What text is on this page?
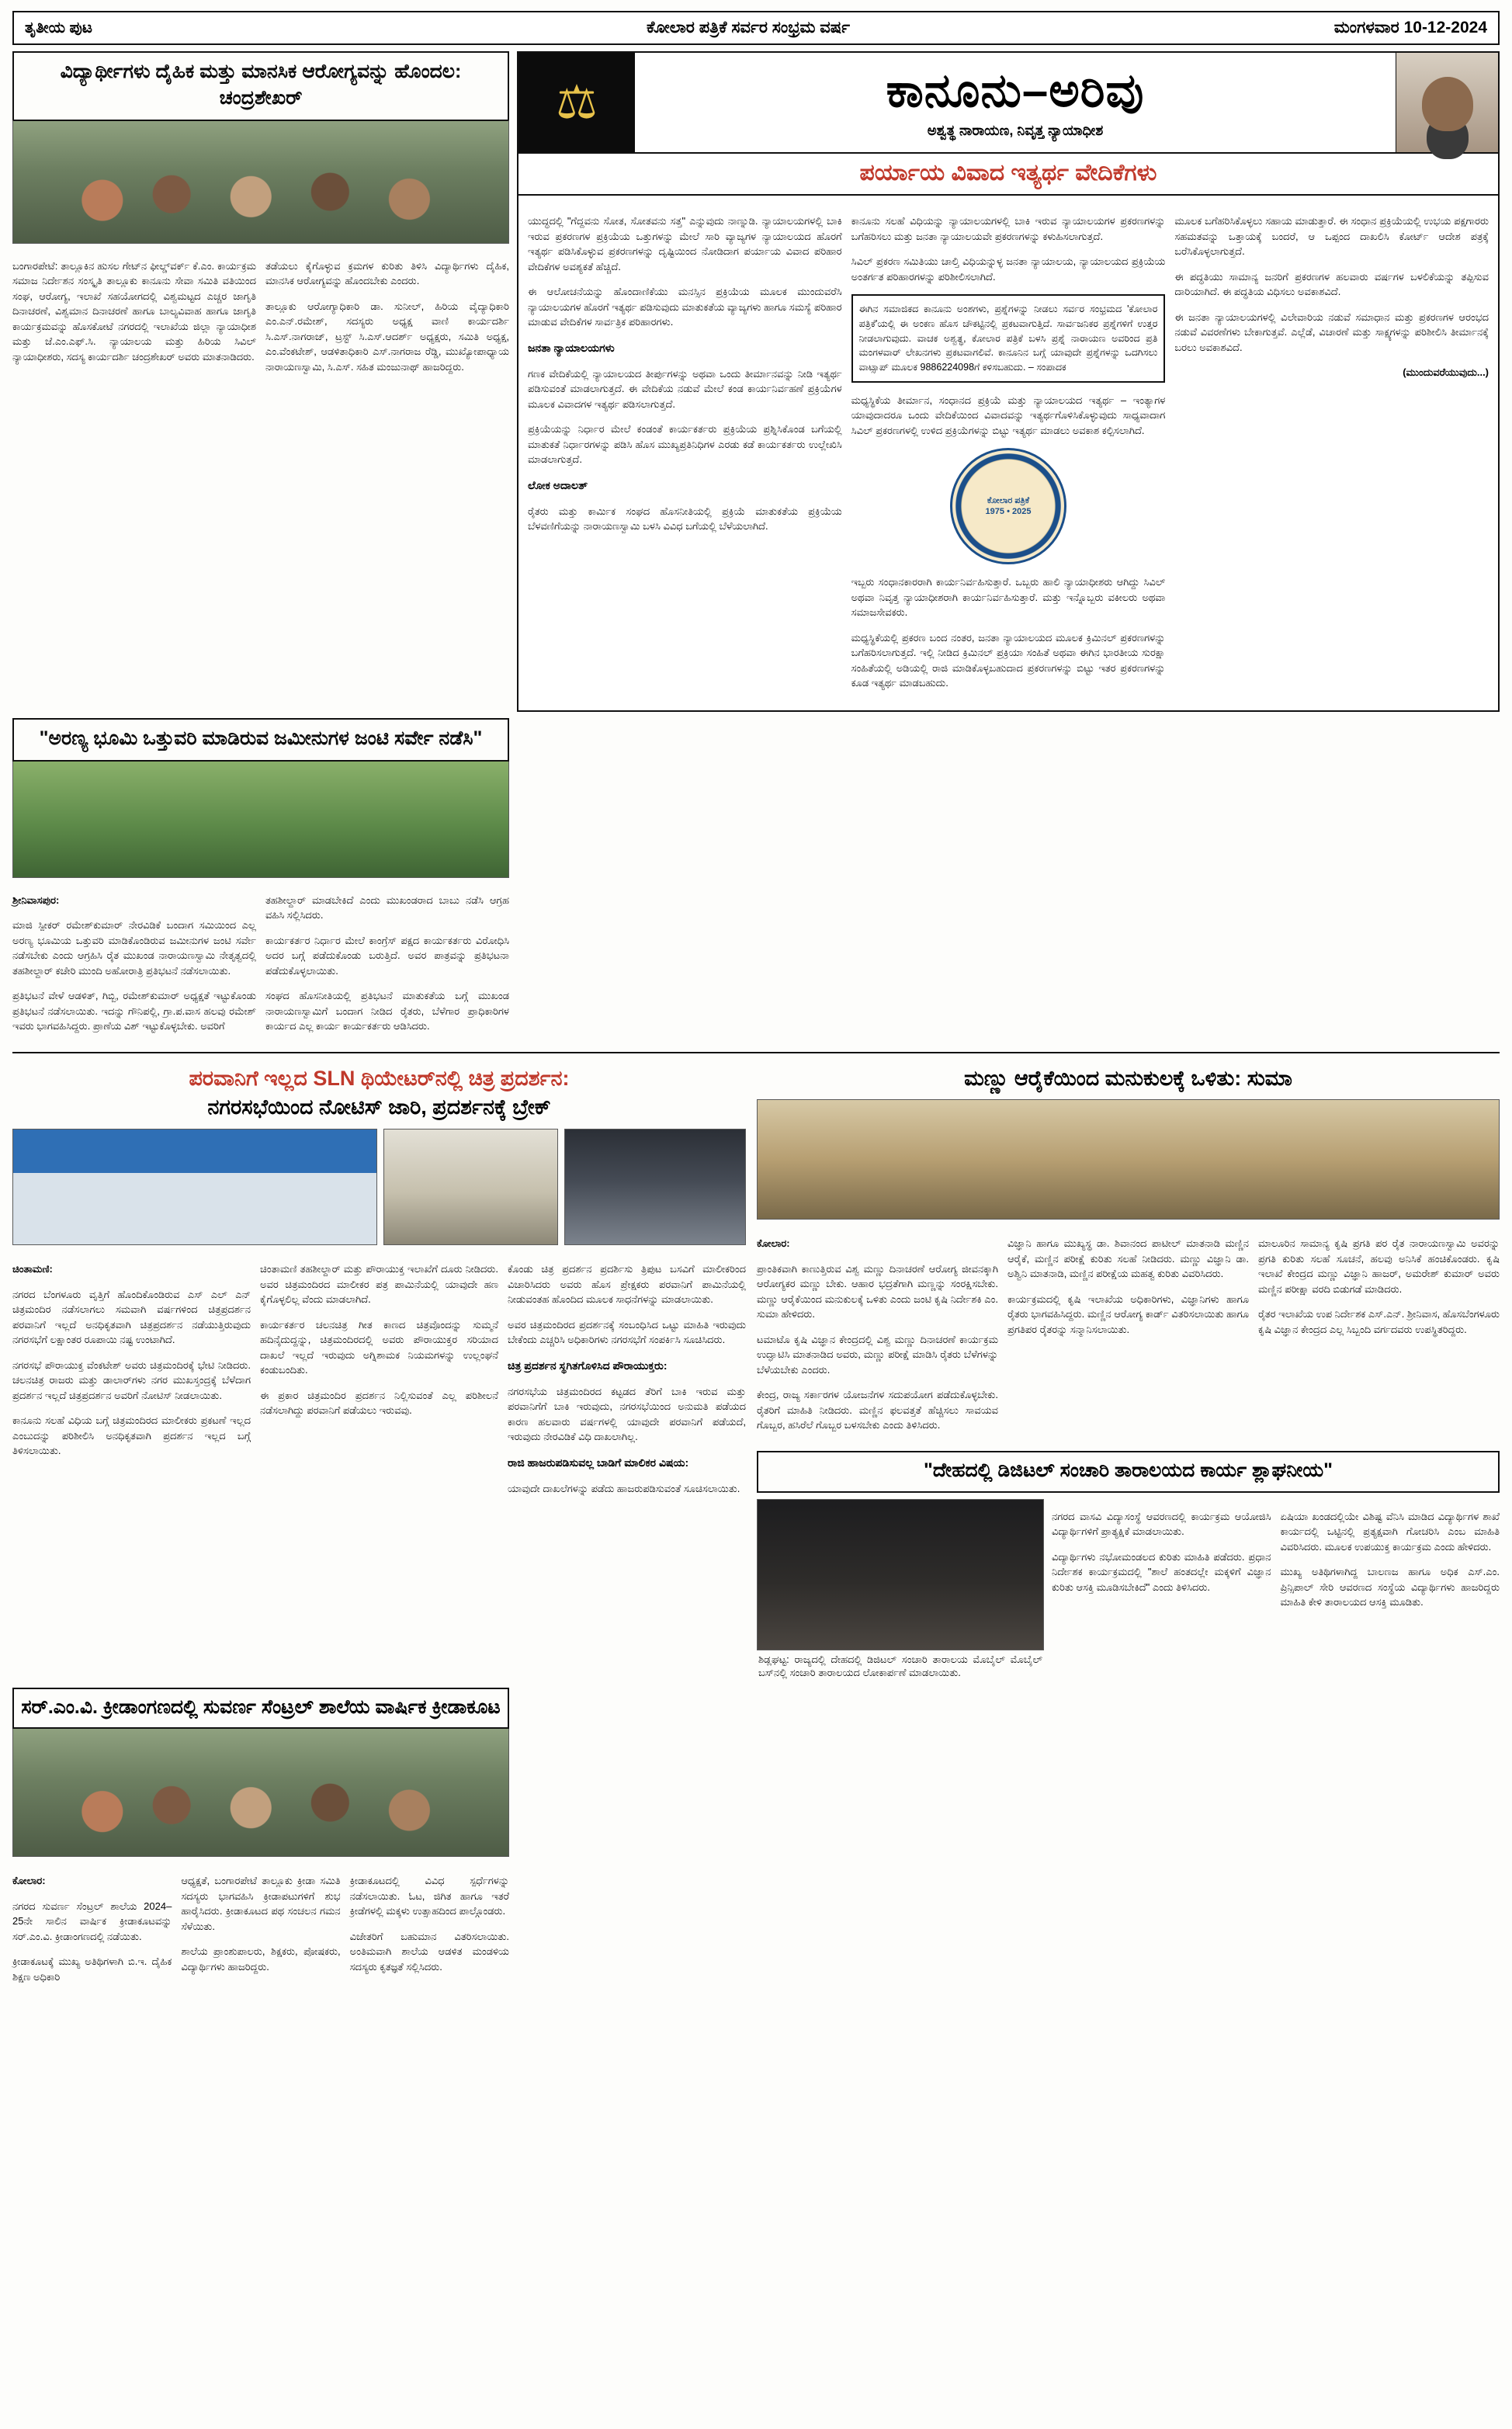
ತೃತೀಯ ಪುಟ	ಕೋಲಾರ ಪತ್ರಿಕೆ ಸರ್ವರ ಸಂಭ್ರಮ ವರ್ಷ	ಮಂಗಳವಾರ 10-12-2024
ವಿದ್ಯಾರ್ಥೀಗಳು ದೈಹಿಕ ಮತ್ತು ಮಾನಸಿಕ ಆರೋಗ್ಯವನ್ನು ಹೊಂದಲ: ಚಂದ್ರಶೇಖರ್

ಬಂಗಾರಪೇಟೆ: ತಾಲ್ಲೂಕಿನ ಹುಸಲ ಗೇಟ್‌ನ ಫೀಲ್ಡ್‌ವರ್ಕ್ ಕೆ.ಎಂ. ಕಾರ್ಯಕ್ರಮ ಸಮಾಜ ನಿರ್ದೇಶನ ಸಂಸ್ಕೃತಿ ತಾಲ್ಲೂಕು ಕಾನೂನು ಸೇವಾ ಸಮಿತಿ ವತಿಯಿಂದ ಸಂಘ, ಆರೋಗ್ಯ, ಇಲಾಖೆ ಸಹಯೋಗದಲ್ಲಿ ವಿಶ್ವಮಟ್ಟದ ಎಚ್ಚರ ಜಾಗೃತಿ ದಿನಾಚರಣೆ, ವಿಶ್ವಮಾನ ದಿನಾಚರಣೆ ಹಾಗೂ ಬಾಲ್ಯವಿವಾಹ ಹಾಗೂ ಜಾಗೃತಿ ಕಾರ್ಯಕ್ರಮವನ್ನು ಹೊಸಕೋಟೆ ನಗರದಲ್ಲಿ ಇಲಾಖೆಯ ಜಿಲ್ಲಾ ನ್ಯಾಯಾಧೀಶ ಮತ್ತು ಜೆ.ಎಂ.ಎಫ್.ಸಿ. ನ್ಯಾಯಾಲಯ ಮತ್ತು ಹಿರಿಯ ಸಿವಿಲ್ ನ್ಯಾಯಾಧೀಶರು, ಸದಸ್ಯ ಕಾರ್ಯದರ್ಶಿ ಚಂದ್ರಶೇಖರ್ ಅವರು ಮಾತನಾಡಿದರು.

ತಡೆಯಲು ಕೈಗೊಳ್ಳುವ ಕ್ರಮಗಳ ಕುರಿತು ತಿಳಿಸಿ ವಿದ್ಯಾರ್ಥಿಗಳು ದೈಹಿಕ, ಮಾನಸಿಕ ಆರೋಗ್ಯವನ್ನು ಹೊಂದಬೇಕು ಎಂದರು.

ತಾಲ್ಲೂಕು ಆರೋಗ್ಯಾಧಿಕಾರಿ ಡಾ. ಸುನೀಲ್, ಹಿರಿಯ ವೈದ್ಯಾಧಿಕಾರಿ ಎಂ.ಎನ್.ರಮೇಶ್, ಸದಸ್ಯರು ಅಧ್ಯಕ್ಷ ವಾಣಿ ಕಾರ್ಯದರ್ಶಿ ಸಿ.ಎಸ್.ನಾಗರಾಜ್, ಟ್ರಸ್ಟ್ ಸಿ.ಎಸ್.ಆದರ್ಶ್ ಅಧ್ಯಕ್ಷರು, ಸಮಿತಿ ಅಧ್ಯಕ್ಷ, ಎಂ.ವೆಂಕಟೇಶ್, ಆಡಳಿತಾಧಿಕಾರಿ ಎಸ್.ನಾಗರಾಜ ರೆಡ್ಡಿ, ಮುಖ್ಯೋಪಾಧ್ಯಾಯ ನಾರಾಯಣಸ್ವಾಮಿ, ಸಿ.ಎಸ್. ಸಹಿತ ಮಂಜುನಾಥ್ ಹಾಜರಿದ್ದರು.

⚖	ಕಾನೂನು–ಅರಿವು
ಅಶ್ವತ್ಥ ನಾರಾಯಣ, ನಿವೃತ್ತ ನ್ಯಾಯಾಧೀಶ
ಪರ್ಯಾಯ ವಿವಾದ ಇತ್ಯರ್ಥ ವೇದಿಕೆಗಳು

ಯುದ್ಧದಲ್ಲಿ "ಗೆದ್ದವನು ಸೋತ, ಸೋತವನು ಸತ್ತ" ಎನ್ನುವುದು ನಾಣ್ನುಡಿ. ನ್ಯಾಯಾಲಯಗಳಲ್ಲಿ ಬಾಕಿ ಇರುವ ಪ್ರಕರಣಗಳ ಪ್ರಕ್ರಿಯೆಯ ಒತ್ತುಗಳನ್ನು ಮೇಲೆ ಸಾರಿ ವ್ಯಾಜ್ಯಗಳ ನ್ಯಾಯಾಲಯದ ಹೊರಗೆ ಇತ್ಯರ್ಥ ಪಡಿಸಿಕೊಳ್ಳುವ ಪ್ರಕರಣಗಳನ್ನು ದೃಷ್ಟಿಯಿಂದ ನೋಡಿದಾಗ ಪರ್ಯಾಯ ವಿವಾದ ಪರಿಹಾರ ವೇದಿಕೆಗಳ ಅವಶ್ಯಕತೆ ಹೆಚ್ಚಿದೆ.

ಈ ಆಲೋಚನೆಯನ್ನು ಹೊಂದಾಣಿಕೆಯು ಮನಸ್ಸಿನ ಪ್ರಕ್ರಿಯೆಯ ಮೂಲಕ ಮುಂದುವರೆಸಿ ನ್ಯಾಯಾಲಯಗಳ ಹೊರಗೆ ಇತ್ಯರ್ಥ ಪಡಿಸುವುದು ಮಾತುಕತೆಯ ವ್ಯಾಜ್ಯಗಳು ಹಾಗೂ ಸಮಸ್ಯೆ ಪರಿಹಾರ ಮಾಡುವ ವೇದಿಕೆಗಳ ಸಾರ್ವತ್ರಿಕ ಪರಿಹಾರಗಳು.

ಜನತಾ ನ್ಯಾಯಾಲಯಗಳು

ಗಣಕ ವೇದಿಕೆಯಲ್ಲಿ ನ್ಯಾಯಾಲಯದ ತೀರ್ಪುಗಳನ್ನು ಅಥವಾ ಒಂದು ತೀರ್ಮಾನವನ್ನು ನೀಡಿ ಇತ್ಯರ್ಥ ಪಡಿಸುವಂತೆ ಮಾಡಲಾಗುತ್ತದೆ. ಈ ವೇದಿಕೆಯ ನಡುವೆ ಮೇಲೆ ಕಂಡ ಕಾರ್ಯನಿರ್ವಹಣೆ ಪ್ರಕ್ರಿಯೆಗಳ ಮೂಲಕ ವಿವಾದಗಳ ಇತ್ಯರ್ಥ ಪಡಿಸಲಾಗುತ್ತದೆ.

ಪ್ರಕ್ರಿಯೆಯನ್ನು ನಿರ್ಧಾರ ಮೇಲೆ ಕಂಡಂತೆ ಕಾರ್ಯಕರ್ತರು ಪ್ರಕ್ರಿಯೆಯ ಪ್ರಶ್ನಿಸಿಕೊಂಡ ಬಗೆಯಲ್ಲಿ ಮಾತುಕತೆ ನಿರ್ಧಾರಗಳನ್ನು ಪಡಿಸಿ ಹೊಸ ಮುಖ್ಯಪ್ರತಿನಿಧಿಗಳ ಎರಡು ಕಡೆ ಕಾರ್ಯಕರ್ತರು ಉಲ್ಲೇಖಿಸಿ ಮಾಡಲಾಗುತ್ತದೆ.

ಲೋಕ ಅದಾಲತ್

ರೈತರು ಮತ್ತು ಕಾರ್ಮಿಕ ಸಂಘದ ಹೊಸನೀತಿಯಲ್ಲಿ ಪ್ರಕ್ರಿಯೆ ಮಾತುಕತೆಯ ಪ್ರಕ್ರಿಯೆಯ ಬೆಳವಣಿಗೆಯನ್ನು ನಾರಾಯಣಸ್ವಾಮಿ ಬಳಸಿ ವಿವಿಧ ಬಗೆಯಲ್ಲಿ ಬೆಳೆಯಲಾಗಿದೆ.

ಕಾನೂನು ಸಲಹೆ ವಿಧಿಯನ್ನು ನ್ಯಾಯಾಲಯಗಳಲ್ಲಿ ಬಾಕಿ ಇರುವ ನ್ಯಾಯಾಲಯಗಳ ಪ್ರಕರಣಗಳನ್ನು ಬಗೆಹರಿಸಲು ಮತ್ತು ಜನತಾ ನ್ಯಾಯಾಲಯವೇ ಪ್ರಕರಣಗಳನ್ನು ಕಳುಹಿಸಲಾಗುತ್ತದೆ.

ಸಿವಿಲ್ ಪ್ರಕರಣ ಸಮಿತಿಯು ಚಾಲ್ತಿ ವಿಧಿಯನ್ನುಳ್ಳ ಜನತಾ ನ್ಯಾಯಾಲಯ, ನ್ಯಾಯಾಲಯದ ಪ್ರಕ್ರಿಯೆಯ ಅಂತರ್ಗತ ಪರಿಹಾರಗಳನ್ನು ಪರಿಶೀಲಿಸಲಾಗಿದೆ.

ಈಗಿನ ಸಮಾಜಿಕದ ಕಾನೂನು ಅಂಶಗಳು, ಪ್ರಶ್ನೆಗಳನ್ನು ನೀಡಲು ಸರ್ವರ ಸಂಭ್ರಮದ 'ಕೋಲಾರ ಪತ್ರಿಕೆ'ಯಲ್ಲಿ ಈ ಅಂಕಣ ಹೊಸ ಚೌಕಟ್ಟಿನಲ್ಲಿ ಪ್ರಕಟವಾಗುತ್ತಿದೆ. ಸಾರ್ವಜನಿಕರ ಪ್ರಶ್ನೆಗಳಿಗೆ ಉತ್ತರ ನೀಡಲಾಗುವುದು. ವಾಚಕ ಅಶ್ವತ್ಥ, ಕೋಲಾರ ಪತ್ರಿಕೆ ಬಳಸಿ ಪ್ರಶ್ನೆ ನಾರಾಯಣ ಅವರಿಂದ ಪ್ರತಿ ಮಂಗಳವಾರ್ ಲೇಖನಗಳು ಪ್ರಕಟವಾಗಲಿವೆ. ಕಾನೂನಿನ ಬಗ್ಗೆ ಯಾವುದೇ ಪ್ರಶ್ನೆಗಳನ್ನು ಒದಗಿಸಲು ವಾಟ್ಸಾಪ್ ಮೂಲಕ 9886224098ಗೆ ಕಳಿಸಬಹುದು. – ಸಂಪಾದಕ

ಮಧ್ಯಸ್ಥಿಕೆಯ ತೀರ್ಮಾನ, ಸಂಧಾನದ ಪ್ರಕ್ರಿಯೆ ಮತ್ತು ನ್ಯಾಯಾಲಯದ ಇತ್ಯರ್ಥ – ಇಂತ್ಯಾಗಳ ಯಾವುದಾದರೂ ಒಂದು ವೇದಿಕೆಯಿಂದ ವಿವಾದವನ್ನು ಇತ್ಯರ್ಥಗೊಳಿಸಿಕೊಳ್ಳುವುದು ಸಾಧ್ಯವಾದಾಗ ಸಿವಿಲ್ ಪ್ರಕರಣಗಳಲ್ಲಿ ಉಳಿದ ಪ್ರಕ್ರಿಯೆಗಳನ್ನು ಬಿಟ್ಟು ಇತ್ಯರ್ಥ ಮಾಡಲು ಅವಕಾಶ ಕಲ್ಪಿಸಲಾಗಿದೆ.

ಕೋಲಾರ ಪತ್ರಿಕೆ
1975 • 2025

ಇಬ್ಬರು ಸಂಧಾನಕಾರರಾಗಿ ಕಾರ್ಯನಿರ್ವಹಿಸುತ್ತಾರೆ. ಒಬ್ಬರು ಹಾಲಿ ನ್ಯಾಯಾಧೀಶರು ಆಗಿದ್ದು ಸಿವಿಲ್ ಅಥವಾ ನಿವೃತ್ತ ನ್ಯಾಯಾಧೀಶರಾಗಿ ಕಾರ್ಯನಿರ್ವಹಿಸುತ್ತಾರೆ. ಮತ್ತು ಇನ್ನೊಬ್ಬರು ವಕೀಲರು ಅಥವಾ ಸಮಾಜಸೇವಕರು.

ಮಧ್ಯಸ್ಥಿಕೆಯಲ್ಲಿ ಪ್ರಕರಣ ಬಂದ ನಂತರ, ಜನತಾ ನ್ಯಾಯಾಲಯದ ಮೂಲಕ ಕ್ರಿಮಿನಲ್ ಪ್ರಕರಣಗಳನ್ನು ಬಗೆಹರಿಸಲಾಗುತ್ತದೆ. ಇಲ್ಲಿ ನೀಡಿದ ಕ್ರಿಮಿನಲ್ ಪ್ರಕ್ರಿಯಾ ಸಂಹಿತೆ ಅಥವಾ ಈಗಿನ ಭಾರತೀಯ ಸುರಕ್ಷಾ ಸಂಹಿತೆಯಲ್ಲಿ ಅಡಿಯಲ್ಲಿ ರಾಜಿ ಮಾಡಿಕೊಳ್ಳಬಹುದಾದ ಪ್ರಕರಣಗಳನ್ನು ಬಿಟ್ಟು ಇತರ ಪ್ರಕರಣಗಳನ್ನು ಕೂಡ ಇತ್ಯರ್ಥ ಮಾಡಬಹುದು.

ಮೂಲಕ ಬಗೆಹರಿಸಿಕೊಳ್ಳಲು ಸಹಾಯ ಮಾಡುತ್ತಾರೆ. ಈ ಸಂಧಾನ ಪ್ರಕ್ರಿಯೆಯಲ್ಲಿ ಉಭಯ ಪಕ್ಷಗಾರರು ಸಹಮತವನ್ನು ಒತ್ತಾಯಕ್ಕೆ ಬಂದರೆ, ಆ ಒಪ್ಪಂದ ದಾಖಲಿಸಿ ಕೋರ್ಟ್ ಆದೇಶ ಪತ್ರಕ್ಕೆ ಬರೆಸಿಕೊಳ್ಳಲಾಗುತ್ತದೆ.

ಈ ಪದ್ಧತಿಯು ಸಾಮಾನ್ಯ ಜನರಿಗೆ ಪ್ರಕರಣಗಳ ಹಲವಾರು ವರ್ಷಗಳ ಬಳಲಿಕೆಯನ್ನು ತಪ್ಪಿಸುವ ದಾರಿಯಾಗಿದೆ. ಈ ಪದ್ಧತಿಯ ವಿಧಿಸಲು ಅವಕಾಶವಿದೆ.

ಈ ಜನತಾ ನ್ಯಾಯಾಲಯಗಳಲ್ಲಿ ವಿಲೇವಾರಿಯ ನಡುವೆ ಸಮಾಧಾನ ಮತ್ತು ಪ್ರಕರಣಗಳ ಆರಂಭದ ನಡುವೆ ವಿವರಣೆಗಳು ಬೇಕಾಗುತ್ತವೆ. ಎಲ್ಲೆಡೆ, ವಿಚಾರಣೆ ಮತ್ತು ಸಾಕ್ಷ್ಯಗಳನ್ನು ಪರಿಶೀಲಿಸಿ ತೀರ್ಮಾನಕ್ಕೆ ಬರಲು ಅವಕಾಶವಿದೆ.

(ಮುಂದುವರೆಯುವುದು...)
"ಅರಣ್ಯ ಭೂಮಿ ಒತ್ತುವರಿ ಮಾಡಿರುವ ಜಮೀನುಗಳ ಜಂಟಿ ಸರ್ವೇ ನಡೆಸಿ"

ಶ್ರೀನಿವಾಸಪುರ:

ಮಾಜಿ ಸ್ಪೀಕರ್ ರಮೇಶ್‌ಕುಮಾರ್ ನೇರವಿಡಿಕೆ ಬಂದಾಗ ಸಮಿಯಿಂದ ಎಲ್ಲ ಅರಣ್ಯ ಭೂಮಿಯ ಒತ್ತುವರಿ ಮಾಡಿಕೊಂಡಿರುವ ಜಮೀನುಗಳ ಜಂಟಿ ಸರ್ವೇ ನಡೆಸಬೇಕು ಎಂದು ಆಗ್ರಹಿಸಿ ರೈತ ಮುಖಂಡ ನಾರಾಯಣಸ್ವಾಮಿ ನೇತೃತ್ವದಲ್ಲಿ ತಹಶೀಲ್ದಾರ್ ಕಚೇರಿ ಮುಂದಿ ಅಹೋರಾತ್ರಿ ಪ್ರತಿಭಟನೆ ನಡೆಸಲಾಯಿತು.

ಪ್ರತಿಭಟನೆ ವೇಳೆ ಆಡಳಿತ್, ಗಿಬ್ಬಿ, ರಮೇಶ್‌ಕುಮಾರ್ ಅಧ್ಯಕ್ಷತೆ ಇಟ್ಟುಕೊಂಡು ಪ್ರತಿಭಟನೆ ನಡೆಸಲಾಯಿತು. ಇದನ್ನು ಗೌನಿಪಲ್ಲಿ, ಗ್ರಾ.ಪ.ವಾಸ ಹಲವು ರಮೇಶ್ ಇವರು ಭಾಗವಹಿಸಿದ್ದರು. ಪ್ರಾಣೆಯ ವಿಶ್ ಇಟ್ಟುಕೊಳ್ಳಬೇಕು. ಅವರಿಗೆ

ತಹಶೀಲ್ದಾರ್ ಮಾಡಬೇಕಿದೆ ಎಂದು ಮುಖಂಡರಾದ ಬಾಬು ನಡೆಸಿ ಆಗ್ರಹ ವಹಿಸಿ ಸಲ್ಲಿಸಿದರು.

ಕಾರ್ಯಕರ್ತರ ನಿರ್ಧಾರ ಮೇಲೆ ಕಾಂಗ್ರೆಸ್ ಪಕ್ಷದ ಕಾರ್ಯಕರ್ತರು ವಿರೋಧಿಸಿ ಅದರ ಬಗ್ಗೆ ಪಡೆದುಕೊಂಡು ಬರುತ್ತಿದೆ. ಅವರ ಪಾತ್ರವನ್ನು ಪ್ರತಿಭಟನಾ ಪಡೆದುಕೊಳ್ಳಲಾಯಿತು.

ಸಂಘದ ಹೊಸನೀತಿಯಲ್ಲಿ ಪ್ರತಿಭಟನೆ ಮಾತುಕತೆಯ ಬಗ್ಗೆ ಮುಖಂಡ ನಾರಾಯಣಸ್ವಾಮಿಗೆ ಬಂದಾಗ ನೀಡಿದ ರೈತರು, ಬೆಳೆಗಾರ ಪ್ರಾಧಿಕಾರಿಗಳ ಕಾರ್ಯದ ಎಲ್ಲ ಕಾರ್ಯ ಕಾರ್ಯಕರ್ತರು ಆಡಿಸಿದರು.

ಪರವಾನಿಗೆ ಇಲ್ಲದ SLN ಥಿಯೇಟರ್‌ನಲ್ಲಿ ಚಿತ್ರ ಪ್ರದರ್ಶನ:
ನಗರಸಭೆಯಿಂದ ನೋಟಿಸ್ ಜಾರಿ, ಪ್ರದರ್ಶನಕ್ಕೆ ಬ್ರೇಕ್

ಚಿಂತಾಮಣಿ:

ನಗರದ ಬೆಂಗಳೂರು ವೃತ್ತಿಗೆ ಹೊಂದಿಕೊಂಡಿರುವ ಎಸ್ ಎಲ್ ಎನ್ ಚಿತ್ರಮಂದಿರ ನಡೆಸಲಾಗಲು ಸಮವಾಗಿ ವರ್ಷಗಳಿಂದ ಚಿತ್ರಪ್ರದರ್ಶನ ಪರವಾನಿಗೆ ಇಲ್ಲದೆ ಅನಧಿಕೃತವಾಗಿ ಚಿತ್ರಪ್ರದರ್ಶನ ನಡೆಯುತ್ತಿರುವುದು ನಗರಸಭೆಗೆ ಲಕ್ಷಾಂತರ ರೂಪಾಯಿ ನಷ್ಟ ಉಂಟಾಗಿದೆ.

ನಗರಸಭೆ ಪೌರಾಯುಕ್ತ ವೆಂಕಟೇಶ್ ಅವರು ಚಿತ್ರಮಂದಿರಕ್ಕೆ ಭೇಟಿ ನೀಡಿದರು. ಚಲನಚಿತ್ರ ರಾಜರು ಮತ್ತು ಡಾಲಾರ್‌ಗಳು ನಗರ ಮುಖಸ್ತಂದ್ರಕ್ಕೆ ಬೆಳೆದಾಗ ಪ್ರದರ್ಶನ ಇಲ್ಲದೆ ಚಿತ್ರಪ್ರದರ್ಶನ ಅವರಿಗೆ ನೋಟಿಸ್ ನೀಡಲಾಯಿತು.

ಕಾನೂನು ಸಲಹೆ ವಿಧಿಯ ಬಗ್ಗೆ ಚಿತ್ರಮಂದಿರದ ಮಾಲೀಕರು ಪ್ರಕಟಣೆ ಇಲ್ಲದ ಎಂಬುದನ್ನು ಪರಿಶೀಲಿಸಿ ಅನಧಿಕೃತವಾಗಿ ಪ್ರದರ್ಶನ ಇಲ್ಲದ ಬಗ್ಗೆ ತಿಳಿಸಲಾಯಿತು.

ಚಿಂತಾಮಣಿ ತಹಶೀಲ್ದಾರ್ ಮತ್ತು ಪೌರಾಯುಕ್ತ ಇಲಾಖೆಗೆ ದೂರು ನೀಡಿದರು. ಅವರ ಚಿತ್ರಮಂದಿರದ ಮಾಲೀಕರ ಪತ್ರ ಪಾಮಿನೆಯಲ್ಲಿ ಯಾವುದೇ ಹಣ ಕೈಗೊಳ್ಳಲಿಲ್ಲ ವೆಂದು ಮಾಡಲಾಗಿದೆ.

ಕಾರ್ಯಕರ್ತರ ಚಲನಚಿತ್ರ ಗೀತ ಕಾಣದ ಚಿತ್ರವೊಂದನ್ನು ಸುಮ್ಮನೆ ಹದಿನೈದುದ್ದನ್ನು, ಚಿತ್ರಮಂದಿರದಲ್ಲಿ ಅವರು ಪೌರಾಯುಕ್ತರ ಸರಿಯಾದ ದಾಖಲೆ ಇಲ್ಲದೆ ಇರುವುದು ಅಗ್ನಿಶಾಮಕ ನಿಯಮಗಳನ್ನು ಉಲ್ಲಂಘನೆ ಕಂಡುಬಂದಿತು.

ಈ ಪ್ರಕಾರ ಚಿತ್ರಮಂದಿರ ಪ್ರದರ್ಶನ ನಿಲ್ಲಿಸುವಂತೆ ಎಲ್ಲ ಪರಿಶೀಲನೆ ನಡೆಸಲಾಗಿದ್ದು ಪರವಾನಿಗೆ ಪಡೆಯಲು ಇರುವವು.

ಕೊಂಡು ಚಿತ್ರ ಪ್ರದರ್ಶನ ಪ್ರದರ್ಶಿಸು ತ್ರಿಪುಟ ಬಸವಿಗೆ ಮಾಲೀಕರಿಂದ ವಿಚಾರಿಸಿದರು ಅವರು ಹೊಸ ಪ್ರೇಕ್ಷಕರು ಪರವಾನಿಗೆ ಪಾಮಿನೆಯಲ್ಲಿ ನೀಡುವಂತಹ ಹೊಂದಿದ ಮೂಲಕ ಸಾಧನೆಗಳನ್ನು ಮಾಡಲಾಯಿತು.

ಅವರ ಚಿತ್ರಮಂದಿರದ ಪ್ರದರ್ಶನಕ್ಕೆ ಸಂಬಂಧಿಸಿದ ಒಟ್ಟು ಮಾಹಿತಿ ಇರುವುದು ಬೇಕೆಂದು ಎಚ್ಚರಿಸಿ ಅಧಿಕಾರಿಗಳು ನಗರಸಭೆಗೆ ಸಂಪರ್ಕಿಸಿ ಸೂಚಿಸಿದರು.

ಚಿತ್ರ ಪ್ರದರ್ಶನ ಸ್ಥಗಿತಗೊಳಿಸಿದ ಪೌರಾಯುಕ್ತರು:

ನಗರಸಭೆಯ ಚಿತ್ರಮಂದಿರದ ಕಟ್ಟಡದ ತೆರಿಗೆ ಬಾಕಿ ಇರುವ ಮತ್ತು ಪರವಾನಿಗೆಗೆ ಬಾಕಿ ಇರುವುದು, ನಗರಸಭೆಯಿಂದ ಅನುಮತಿ ಪಡೆಯದ ಕಾರಣ ಹಲವಾರು ವರ್ಷಗಳಲ್ಲಿ ಯಾವುದೇ ಪರವಾನಿಗೆ ಪಡೆಯದೆ, ಇರುವುದು ನೇರವಿಡಿಕೆ ವಿಧಿ ದಾಖಲಾಗಿಲ್ಲ.

ರಾಜಿ ಹಾಜರುಪಡಿಸುವಲ್ಲ ಬಾಡಿಗೆ ಮಾಲಿಕರ ವಿಷಯ:

ಯಾವುದೇ ದಾಖಲೆಗಳನ್ನು ಪಡೆದು ಹಾಜರುಪಡಿಸುವಂತೆ ಸೂಚಿಸಲಾಯಿತು.

ಮಣ್ಣು ಆರೈಕೆಯಿಂದ ಮನುಕುಲಕ್ಕೆ ಒಳಿತು: ಸುಮಾ

ಕೋಲಾರ:

ಪ್ರಾಂತಿಕವಾಗಿ ಕಾಣುತ್ತಿರುವ ವಿಶ್ವ ಮಣ್ಣು ದಿನಾಚರಣೆ ಆರೋಗ್ಯ ಜೀವನಕ್ಕಾಗಿ ಆರೋಗ್ಯಕರ ಮಣ್ಣು ಬೇಕು. ಆಹಾರ ಭದ್ರತೆಗಾಗಿ ಮಣ್ಣನ್ನು ಸಂರಕ್ಷಿಸಬೇಕು. ಮಣ್ಣು ಆರೈಕೆಯಿಂದ ಮನುಕುಲಕ್ಕೆ ಒಳಿತು ಎಂದು ಜಂಟಿ ಕೃಷಿ ನಿರ್ದೇಶಕಿ ಎಂ. ಸುಮಾ ಹೇಳಿದರು.

ಟಮಾಟೊ ಕೃಷಿ ವಿಜ್ಞಾನ ಕೇಂದ್ರದಲ್ಲಿ ವಿಶ್ವ ಮಣ್ಣು ದಿನಾಚರಣೆ ಕಾರ್ಯಕ್ರಮ ಉದ್ಘಾಟಿಸಿ ಮಾತನಾಡಿದ ಅವರು, ಮಣ್ಣು ಪರೀಕ್ಷೆ ಮಾಡಿಸಿ ರೈತರು ಬೆಳೆಗಳನ್ನು ಬೆಳೆಯಬೇಕು ಎಂದರು.

ಕೇಂದ್ರ, ರಾಜ್ಯ ಸರ್ಕಾರಗಳ ಯೋಜನೆಗಳ ಸದುಪಯೋಗ ಪಡೆದುಕೊಳ್ಳಬೇಕು. ರೈತರಿಗೆ ಮಾಹಿತಿ ನೀಡಿದರು. ಮಣ್ಣಿನ ಫಲವತ್ತತೆ ಹೆಚ್ಚಿಸಲು ಸಾವಯವ ಗೊಬ್ಬರ, ಹಸಿರೆಲೆ ಗೊಬ್ಬರ ಬಳಸಬೇಕು ಎಂದು ತಿಳಿಸಿದರು.

ವಿಜ್ಞಾನಿ ಹಾಗೂ ಮುಖ್ಯಸ್ಥ ಡಾ. ಶಿವಾನಂದ ಪಾಟೀಲ್ ಮಾತನಾಡಿ ಮಣ್ಣಿನ ಆರೈಕೆ, ಮಣ್ಣಿನ ಪರೀಕ್ಷೆ ಕುರಿತು ಸಲಹೆ ನೀಡಿದರು. ಮಣ್ಣು ವಿಜ್ಞಾನಿ ಡಾ. ಅಶ್ವಿನಿ ಮಾತನಾಡಿ, ಮಣ್ಣಿನ ಪರೀಕ್ಷೆಯ ಮಹತ್ವ ಕುರಿತು ವಿವರಿಸಿದರು.

ಕಾರ್ಯಕ್ರಮದಲ್ಲಿ ಕೃಷಿ ಇಲಾಖೆಯ ಅಧಿಕಾರಿಗಳು, ವಿಜ್ಞಾನಿಗಳು ಹಾಗೂ ರೈತರು ಭಾಗವಹಿಸಿದ್ದರು. ಮಣ್ಣಿನ ಆರೋಗ್ಯ ಕಾರ್ಡ್ ವಿತರಿಸಲಾಯಿತು ಹಾಗೂ ಪ್ರಗತಿಪರ ರೈತರನ್ನು ಸನ್ಮಾನಿಸಲಾಯಿತು.

ಮಾಲೂರಿನ ಸಾಮಾನ್ಯ ಕೃಷಿ ಪ್ರಗತಿ ಪರ ರೈತ ನಾರಾಯಣಸ್ವಾಮಿ ಅವರನ್ನು ಪ್ರಗತಿ ಕುರಿತು ಸಲಹೆ ಸೂಚನೆ, ಹಲವು ಅನಿಸಿಕೆ ಹಂಚಿಕೊಂಡರು. ಕೃಷಿ ಇಲಾಖೆ ಕೇಂದ್ರದ ಮಣ್ಣು ವಿಜ್ಞಾನಿ ಹಾಜರ್, ಅಮರೇಶ್ ಕುಮಾರ್ ಅವರು ಮಣ್ಣಿನ ಪರೀಕ್ಷಾ ವರದಿ ಬಿಡುಗಡೆ ಮಾಡಿದರು.

ರೈತರ ಇಲಾಖೆಯ ಉಪ ನಿರ್ದೇಶಕ ಎಸ್.ಎನ್. ಶ್ರೀನಿವಾಸ, ಹೊಸಬೆಂಗಳೂರು ಕೃಷಿ ವಿಜ್ಞಾನ ಕೇಂದ್ರದ ಎಲ್ಲ ಸಿಬ್ಬಂದಿ ವರ್ಗದವರು ಉಪಸ್ಥಿತರಿದ್ದರು.

"ದೇಹದಲ್ಲಿ ಡಿಜಿಟಲ್ ಸಂಚಾರಿ ತಾರಾಲಯದ ಕಾರ್ಯ ಶ್ಲಾಘನೀಯ"
ಶಿಡ್ಲಘಟ್ಟ: ರಾಜ್ಯದಲ್ಲಿ ದೇಹದಲ್ಲಿ ಡಿಜಿಟಲ್ ಸಂಚಾರಿ ತಾರಾಲಯ ಮೊಬೈಲ್ ಮೊಬೈಲ್ ಬಸ್‌ನಲ್ಲಿ ಸಂಚಾರಿ ತಾರಾಲಯದ ಲೋಕಾರ್ಪಣೆ ಮಾಡಲಾಯಿತು.

ನಗರದ ವಾಸವಿ ವಿದ್ಯಾಸಂಸ್ಥೆ ಆವರಣದಲ್ಲಿ ಕಾರ್ಯಕ್ರಮ ಆಯೋಜಿಸಿ ವಿದ್ಯಾರ್ಥಿಗಳಿಗೆ ಪ್ರಾತ್ಯಕ್ಷಿಕೆ ಮಾಡಲಾಯಿತು.

ವಿದ್ಯಾರ್ಥಿಗಳು ನಭೋಮಂಡಲದ ಕುರಿತು ಮಾಹಿತಿ ಪಡೆದರು. ಪ್ರಧಾನ ನಿರ್ದೇಶಕ ಕಾರ್ಯಕ್ರಮದಲ್ಲಿ "ಶಾಲೆ ಹಂತದಲ್ಲೇ ಮಕ್ಕಳಿಗೆ ವಿಜ್ಞಾನ ಕುರಿತು ಆಸಕ್ತಿ ಮೂಡಿಸಬೇಕಿದೆ" ಎಂದು ತಿಳಿಸಿದರು.

ಏಷಿಯಾ ಖಂಡದಲ್ಲಿಯೇ ವಿಶಿಷ್ಟ ವೆನಿಸಿ ಮಾಡಿದ ವಿದ್ಯಾರ್ಥಿಗಳ ಶಾಖೆ ಕಾರ್ಯದಲ್ಲಿ ಒಟ್ಟಿನಲ್ಲಿ ಪ್ರತ್ಯಕ್ಷವಾಗಿ ಗೋಚರಿಸಿ ಎಂಬ ಮಾಹಿತಿ ವಿವರಿಸಿದರು. ಮೂಲಕ ಉಪಯುಕ್ತ ಕಾರ್ಯಕ್ರಮ ಎಂದು ಹೇಳಿದರು.

ಮುಖ್ಯ ಅತಿಥಿಗಳಾಗಿದ್ದ ಬಾಲಣಜ ಹಾಗೂ ಅಧಿಕ ಎಸ್.ಎಂ. ಪ್ರಿನ್ಸಿಪಾಲ್ ಸೇರಿ ಆವರಣದ ಸಂಸ್ಥೆಯ ವಿದ್ಯಾರ್ಥಿಗಳು ಹಾಜರಿದ್ದರು ಮಾಹಿತಿ ಕೇಳಿ ತಾರಾಲಯದ ಆಸಕ್ತಿ ಮೂಡಿತು.

ಸರ್.ಎಂ.ವಿ. ಕ್ರೀಡಾಂಗಣದಲ್ಲಿ ಸುವರ್ಣ ಸೆಂಟ್ರಲ್ ಶಾಲೆಯ ವಾರ್ಷಿಕ ಕ್ರೀಡಾಕೂಟ

ಕೋಲಾರ:

ನಗರದ ಸುವರ್ಣ ಸೆಂಟ್ರಲ್ ಶಾಲೆಯ 2024–25ನೇ ಸಾಲಿನ ವಾರ್ಷಿಕ ಕ್ರೀಡಾಕೂಟವನ್ನು ಸರ್.ಎಂ.ವಿ. ಕ್ರೀಡಾಂಗಣದಲ್ಲಿ ನಡೆಯಿತು.

ಕ್ರೀಡಾಕೂಟಕ್ಕೆ ಮುಖ್ಯ ಅತಿಥಿಗಳಾಗಿ ಬಿ.ಇ. ದೈಹಿಕ ಶಿಕ್ಷಣ ಅಧಿಕಾರಿ

ಆಧ್ಯಕ್ಷತೆ, ಬಂಗಾರಪೇಟೆ ತಾಲ್ಲೂಕು ಕ್ರೀಡಾ ಸಮಿತಿ ಸದಸ್ಯರು ಭಾಗವಹಿಸಿ ಕ್ರೀಡಾಪಟುಗಳಿಗೆ ಶುಭ ಹಾರೈಸಿದರು. ಕ್ರೀಡಾಕೂಟದ ಪಥ ಸಂಚಲನ ಗಮನ ಸೆಳೆಯಿತು.

ಶಾಲೆಯ ಪ್ರಾಂಶುಪಾಲರು, ಶಿಕ್ಷಕರು, ಪೋಷಕರು, ವಿದ್ಯಾರ್ಥಿಗಳು ಹಾಜರಿದ್ದರು.

ಕ್ರೀಡಾಕೂಟದಲ್ಲಿ ವಿವಿಧ ಸ್ಪರ್ಧೆಗಳನ್ನು ನಡೆಸಲಾಯಿತು. ಓಟ, ಜಿಗಿತ ಹಾಗೂ ಇತರೆ ಕ್ರೀಡೆಗಳಲ್ಲಿ ಮಕ್ಕಳು ಉತ್ಸಾಹದಿಂದ ಪಾಲ್ಗೊಂಡರು.

ವಿಜೇತರಿಗೆ ಬಹುಮಾನ ವಿತರಿಸಲಾಯಿತು. ಅಂತಿಮವಾಗಿ ಶಾಲೆಯ ಆಡಳಿತ ಮಂಡಳಿಯ ಸದಸ್ಯರು ಕೃತಜ್ಞತೆ ಸಲ್ಲಿಸಿದರು.
